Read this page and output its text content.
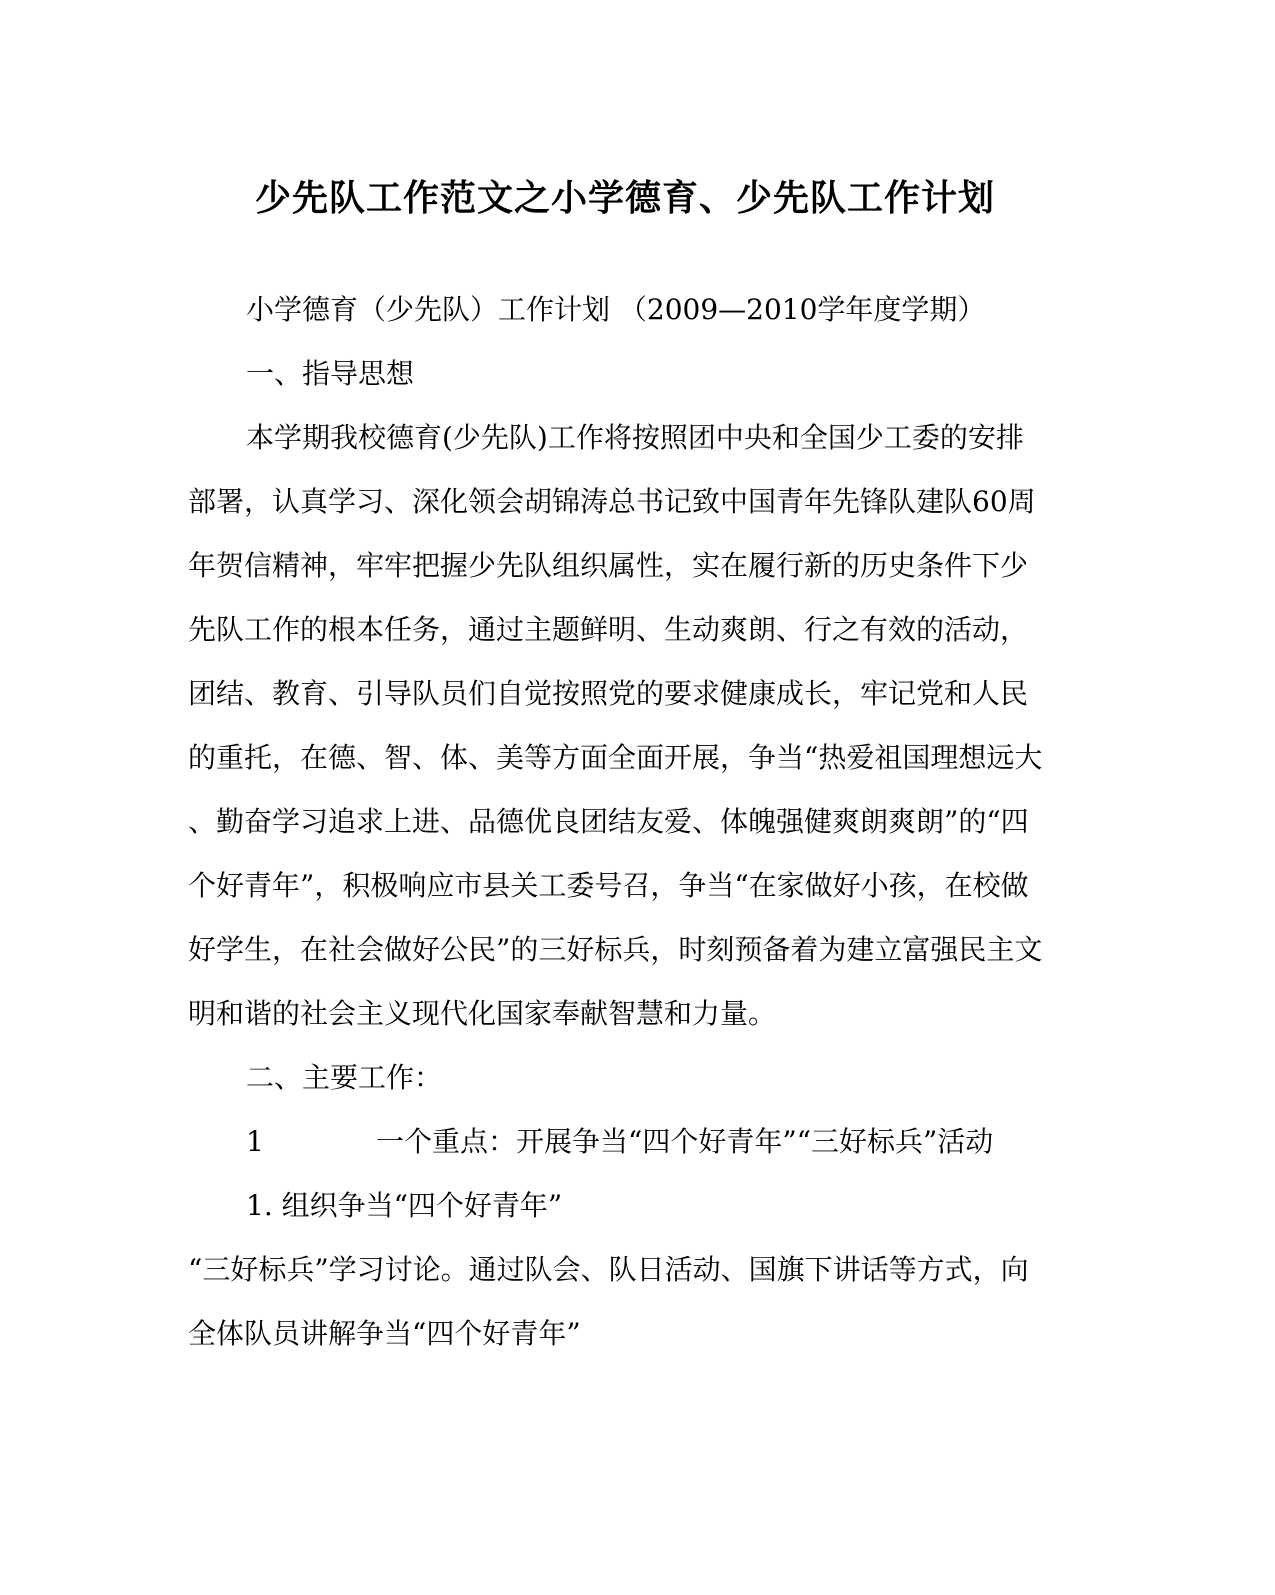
少先队工作范文之小学德育、少先队工作计划
小学德育（少先队）工作计划 （2009—2010学年度学期）
一、指导思想
本学期我校德育(少先队)工作将按照团中央和全国少工委的安排
部署，认真学习、深化领会胡锦涛总书记致中国青年先锋队建队60周
年贺信精神，牢牢把握少先队组织属性，实在履行新的历史条件下少
先队工作的根本任务，通过主题鲜明、生动爽朗、行之有效的活动，
团结、教育、引导队员们自觉按照党的要求健康成长，牢记党和人民
的重托，在德、智、体、美等方面全面开展，争当“热爱祖国理想远大
、勤奋学习追求上进、品德优良团结友爱、体魄强健爽朗爽朗”的“四
个好青年”，积极响应市县关工委号召，争当“在家做好小孩，在校做
好学生，在社会做好公民”的三好标兵，时刻预备着为建立富强民主文
明和谐的社会主义现代化国家奉献智慧和力量。
二、主要工作：
1	一个重点：开展争当“四个好青年”“三好标兵”活动
1. 组织争当“四个好青年”
“三好标兵”学习讨论。通过队会、队日活动、国旗下讲话等方式，向
全体队员讲解争当“四个好青年”
